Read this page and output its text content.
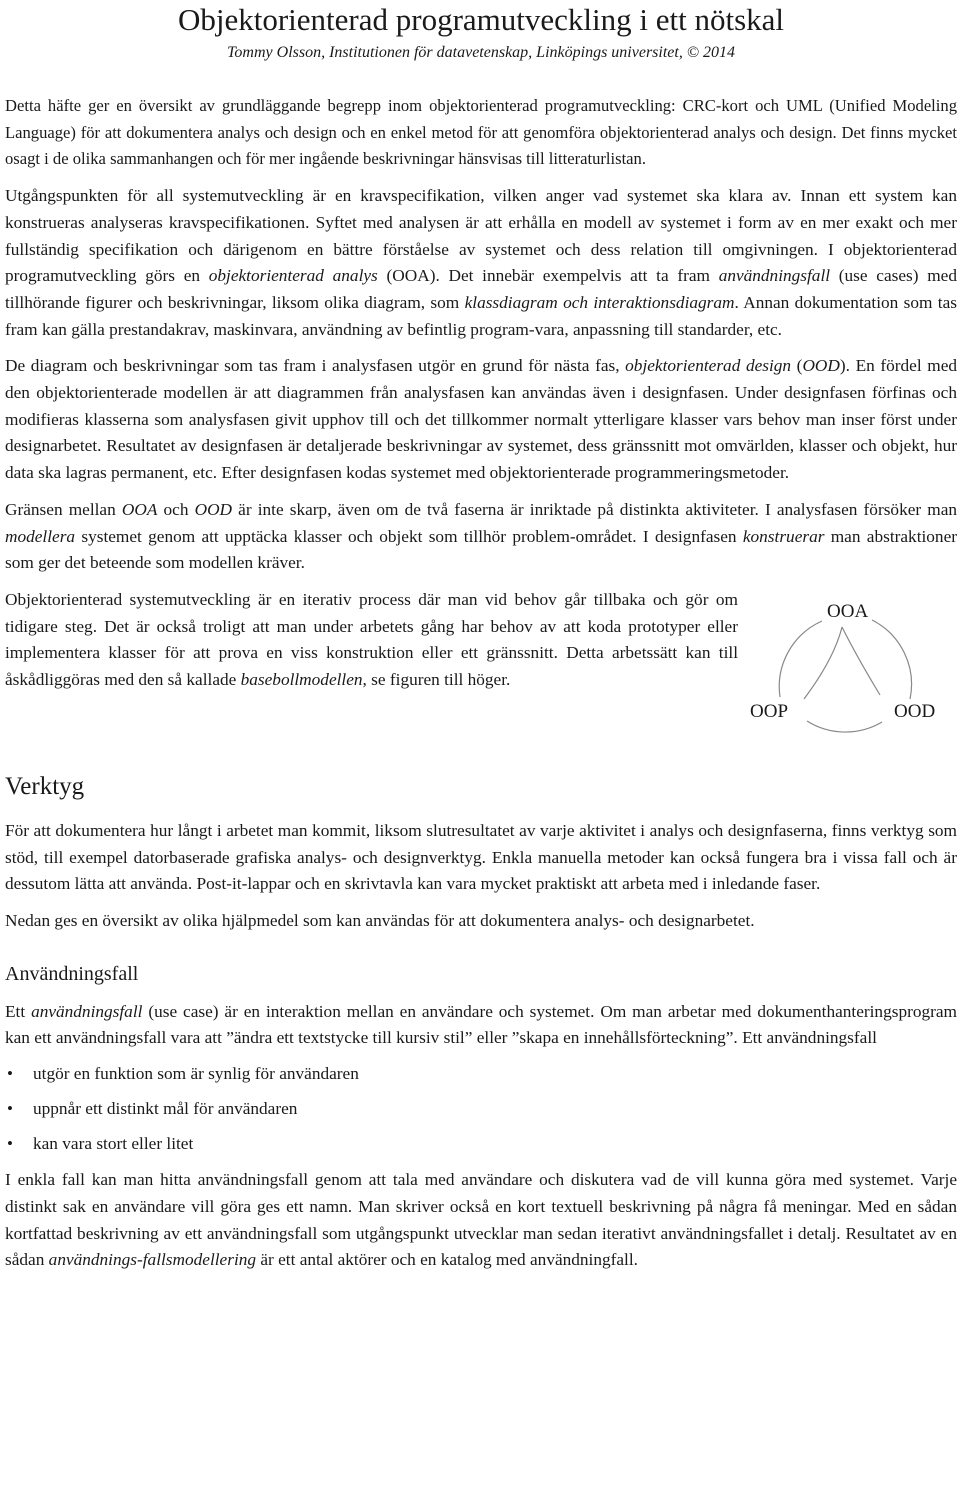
Objektorienterad programutveckling i ett nötskal
Tommy Olsson, Institutionen för datavetenskap, Linköpings universitet, © 2014

Detta häfte ger en översikt av grundläggande begrepp inom objektorienterad programutveckling: CRC-kort och UML (Unified Modeling Language) för att dokumentera analys och design och en enkel metod för att genomföra objektorienterad analys och design. Det finns mycket osagt i de olika sammanhangen och för mer ingående beskrivningar hänsvisas till litteraturlistan.

Utgångspunkten för all systemutveckling är en kravspecifikation, vilken anger vad systemet ska klara av. Innan ett system kan konstrueras analyseras kravspecifikationen. Syftet med analysen är att erhålla en modell av systemet i form av en mer exakt och mer fullständig specifikation och därigenom en bättre förståelse av systemet och dess relation till omgivningen. I objektorienterad programutveckling görs en objektorienterad analys (OOA). Det innebär exempelvis att ta fram användningsfall (use cases) med tillhörande figurer och beskrivningar, liksom olika diagram, som klassdiagram och interaktionsdiagram. Annan dokumentation som tas fram kan gälla prestandakrav, maskinvara, användning av befintlig program-vara, anpassning till standarder, etc.

De diagram och beskrivningar som tas fram i analysfasen utgör en grund för nästa fas, objektorienterad design (OOD). En fördel med den objektorienterade modellen är att diagrammen från analysfasen kan användas även i designfasen. Under designfasen förfinas och modifieras klasserna som analysfasen givit upphov till och det tillkommer normalt ytterligare klasser vars behov man inser först under designarbetet. Resultatet av designfasen är detaljerade beskrivningar av systemet, dess gränssnitt mot omvärlden, klasser och objekt, hur data ska lagras permanent, etc. Efter designfasen kodas systemet med objektorienterade programmeringsmetoder.

Gränsen mellan OOA och OOD är inte skarp, även om de två faserna är inriktade på distinkta aktiviteter. I analysfasen försöker man modellera systemet genom att upptäcka klasser och objekt som tillhör problem-området. I designfasen konstruerar man abstraktioner som ger det beteende som modellen kräver.

Objektorienterad systemutveckling är en iterativ process där man vid behov går tillbaka och gör om tidigare steg. Det är också troligt att man under arbetets gång har behov av att koda prototyper eller implementera klasser för att prova en viss konstruktion eller ett gränssnitt. Detta arbetssätt kan till åskådliggöras med den så kallade basebollmodellen, se figuren till höger.

OOA
OOP	OOD
Verktyg

För att dokumentera hur långt i arbetet man kommit, liksom slutresultatet av varje aktivitet i analys och designfaserna, finns verktyg som stöd, till exempel datorbaserade grafiska analys- och designverktyg. Enkla manuella metoder kan också fungera bra i vissa fall och är dessutom lätta att använda. Post-it-lappar och en skrivtavla kan vara mycket praktiskt att arbeta med i inledande faser.

Nedan ges en översikt av olika hjälpmedel som kan användas för att dokumentera analys- och designarbetet.

Användningsfall

Ett användningsfall (use case) är en interaktion mellan en användare och systemet. Om man arbetar med dokumenthanteringsprogram kan ett användningsfall vara att ”ändra ett textstycke till kursiv stil” eller ”skapa en innehållsförteckning”. Ett användningsfall

• utgör en funktion som är synlig för användaren
• uppnår ett distinkt mål för användaren
• kan vara stort eller litet

I enkla fall kan man hitta användningsfall genom att tala med användare och diskutera vad de vill kunna göra med systemet. Varje distinkt sak en användare vill göra ges ett namn. Man skriver också en kort textuell beskrivning på några få meningar. Med en sådan kortfattad beskrivning av ett användningsfall som utgångspunkt utvecklar man sedan iterativt användningsfallet i detalj. Resultatet av en sådan användnings-fallsmodellering är ett antal aktörer och en katalog med användningfall.
